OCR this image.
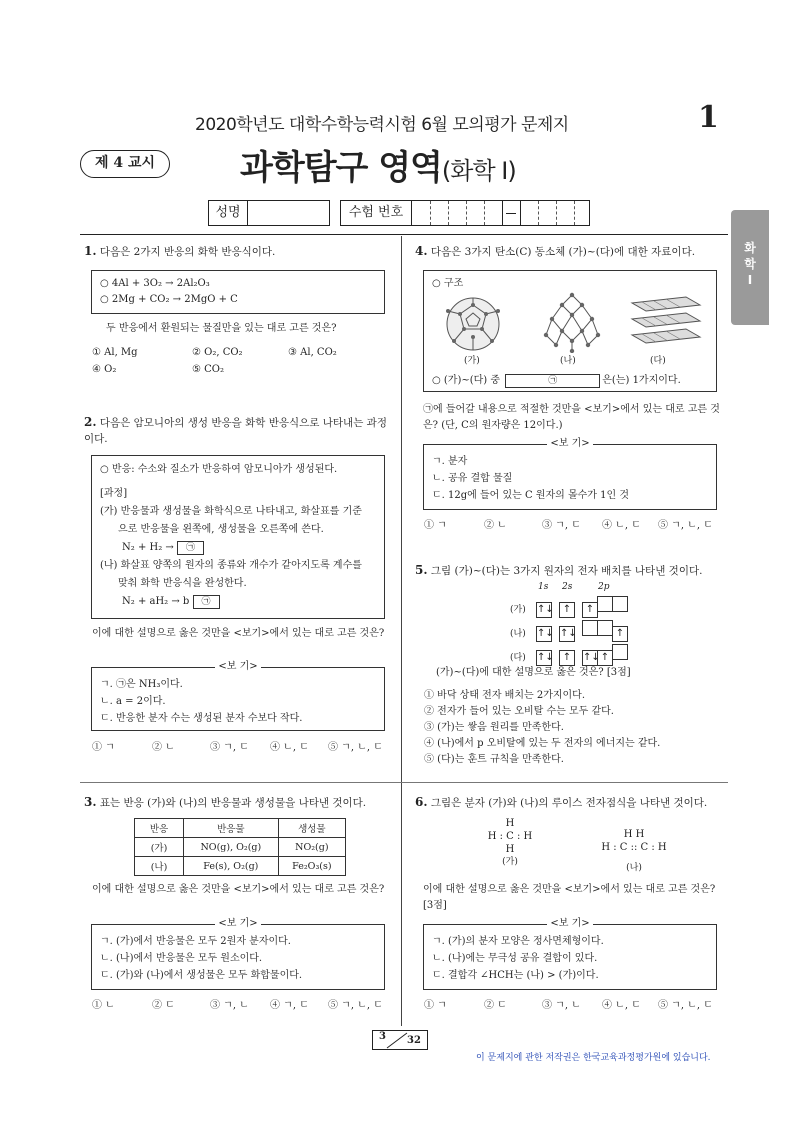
2020학년도 대학수학능력시험 6월 모의평가 문제지	1
제 4 교시	과학탐구 영역(화학 I)
성명	수험 번호
화
학
I
1. 다음은 2가지 반응의 화학 반응식이다.
○ 4Al + 3O₂ → 2Al₂O₃
○ 2Mg + CO₂ → 2MgO + C
두 반응에서 환원되는 물질만을 있는 대로 고른 것은?
① Al, Mg	② O₂, CO₂	③ Al, CO₂
④ O₂	⑤ CO₂
2. 다음은 암모니아의 생성 반응을 화학 반응식으로 나타내는 과정이다.
○ 반응: 수소와 질소가 반응하여 암모니아가 생성된다.
[과정]
(가) 반응물과 생성물을 화학식으로 나타내고, 화살표를 기준
으로 반응물을 왼쪽에, 생성물을 오른쪽에 쓴다.
N₂ + H₂ → ㉠
(나) 화살표 양쪽의 원자의 종류와 개수가 같아지도록 계수를
맞춰 화학 반응식을 완성한다.
N₂ + aH₂ → b ㉠
이에 대한 설명으로 옳은 것만을 <보기>에서 있는 대로 고른 것은?
<보 기>
ㄱ. ㉠은 NH₃이다.
ㄴ. a = 2이다.
ㄷ. 반응한 분자 수는 생성된 분자 수보다 작다.
① ㄱ	② ㄴ	③ ㄱ, ㄷ ④ ㄴ, ㄷ ⑤ ㄱ, ㄴ, ㄷ
3. 표는 반응 (가)와 (나)의 반응물과 생성물을 나타낸 것이다.
반응	반응물	생성물
(가)	NO(g), O₂(g)	NO₂(g)
(나)	Fe(s), O₂(g)	Fe₂O₃(s)
이에 대한 설명으로 옳은 것만을 <보기>에서 있는 대로 고른 것은?
<보 기>
ㄱ. (가)에서 반응물은 모두 2원자 분자이다.
ㄴ. (나)에서 반응물은 모두 원소이다.
ㄷ. (가)와 (나)에서 생성물은 모두 화합물이다.
① ㄴ	② ㄷ	③ ㄱ, ㄴ ④ ㄱ, ㄷ ⑤ ㄱ, ㄴ, ㄷ
4. 다음은 3가지 탄소(C) 동소체 (가)~(다)에 대한 자료이다.
○ 구조
(가)	(나)	(다)
○ (가)~(다) 중	㉠	은(는) 1가지이다.
㉠에 들어갈 내용으로 적절한 것만을 <보기>에서 있는 대로 고른 것은? (단, C의 원자량은 12이다.)
<보 기>
ㄱ. 분자
ㄴ. 공유 결합 물질
ㄷ. 12g에 들어 있는 C 원자의 몰수가 1인 것
① ㄱ	② ㄴ	③ ㄱ, ㄷ ④ ㄴ, ㄷ ⑤ ㄱ, ㄴ, ㄷ
5. 그림 (가)~(다)는 3가지 원자의 전자 배치를 나타낸 것이다.
1s 2s	2p
(가) ↑↓ ↑ ↑
(나) ↑↓ ↑↓	↑
(다) ↑↓ ↑ ↑↓↑
(가)~(다)에 대한 설명으로 옳은 것은? [3점]
① 바닥 상태 전자 배치는 2가지이다.
② 전자가 들어 있는 오비탈 수는 모두 같다.
③ (가)는 쌓음 원리를 만족한다.
④ (나)에서 p 오비탈에 있는 두 전자의 에너지는 같다.
⑤ (다)는 훈트 규칙을 만족한다.
6. 그림은 분자 (가)와 (나)의 루이스 전자점식을 나타낸 것이다.
H
H : C : H
H
(가)
H H
H : C :: C : H
(나)
이에 대한 설명으로 옳은 것만을 <보기>에서 있는 대로 고른 것은? [3점]
<보 기>
ㄱ. (가)의 분자 모양은 정사면체형이다.
ㄴ. (나)에는 무극성 공유 결합이 있다.
ㄷ. 결합각 ∠HCH는 (나) > (가)이다.
① ㄱ	② ㄷ	③ ㄱ, ㄴ ④ ㄴ, ㄷ ⑤ ㄱ, ㄴ, ㄷ
3 32
이 문제지에 관한 저작권은 한국교육과정평가원에 있습니다.
